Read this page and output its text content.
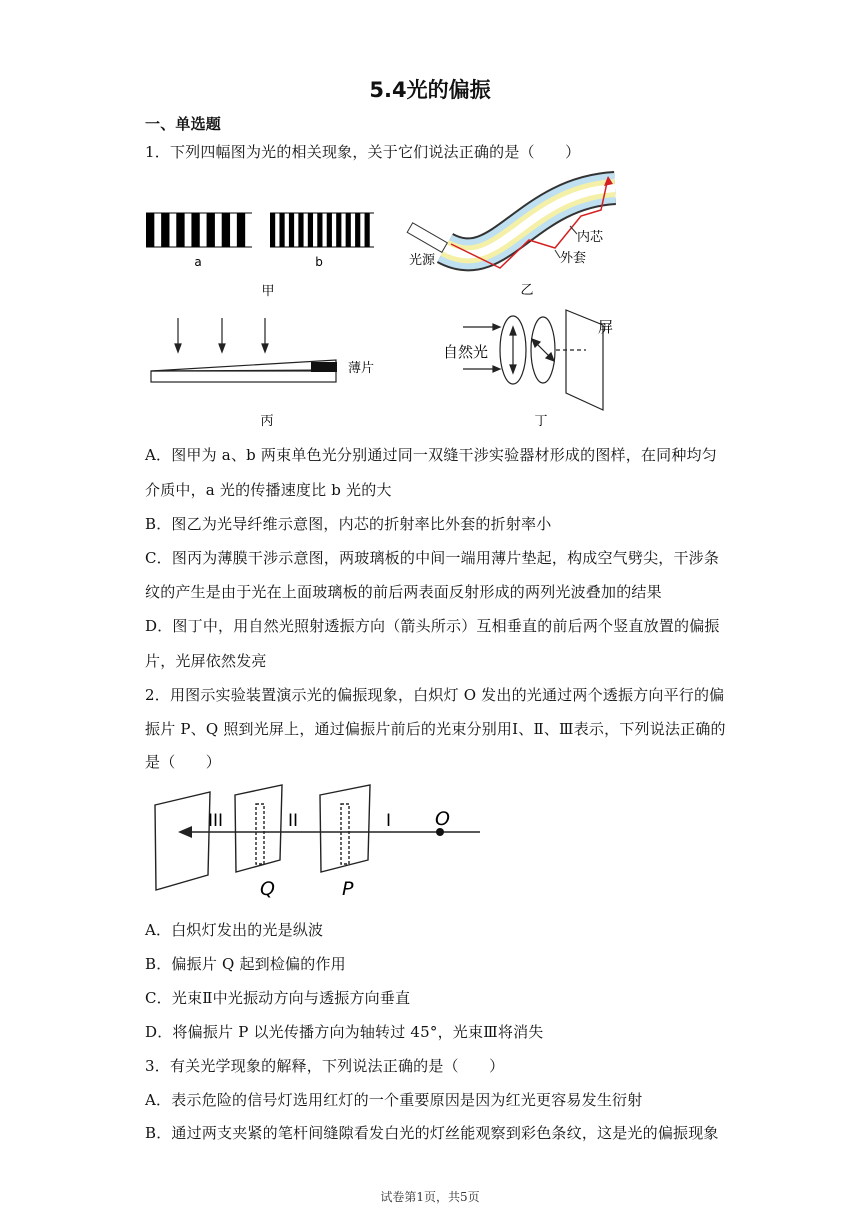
5.4光的偏振
一、单选题
1．下列四幅图为光的相关现象，关于它们说法正确的是（　　）
a	b
甲
内芯
外套
光源
乙
薄片
丙
自然光
屏
丁
A．图甲为 a、b 两束单色光分别通过同一双缝干涉实验器材形成的图样，在同种均匀
介质中，a 光的传播速度比 b 光的大
B．图乙为光导纤维示意图，内芯的折射率比外套的折射率小
C．图丙为薄膜干涉示意图，两玻璃板的中间一端用薄片垫起，构成空气劈尖，干涉条
纹的产生是由于光在上面玻璃板的前后两表面反射形成的两列光波叠加的结果
D．图丁中，用自然光照射透振方向（箭头所示）互相垂直的前后两个竖直放置的偏振
片，光屏依然发亮
2．用图示实验装置演示光的偏振现象，白炽灯 O 发出的光通过两个透振方向平行的偏
振片 P、Q 照到光屏上，通过偏振片前后的光束分别用Ⅰ、Ⅱ、Ⅲ表示，下列说法正确的
是（　　）
III	II	I O
Q	P
A．白炽灯发出的光是纵波
B．偏振片 Q 起到检偏的作用
C．光束Ⅱ中光振动方向与透振方向垂直
D．将偏振片 P 以光传播方向为轴转过 45°，光束Ⅲ将消失
3．有关光学现象的解释，下列说法正确的是（　　）
A．表示危险的信号灯选用红灯的一个重要原因是因为红光更容易发生衍射
B．通过两支夹紧的笔杆间缝隙看发白光的灯丝能观察到彩色条纹，这是光的偏振现象
试卷第1页，共5页
